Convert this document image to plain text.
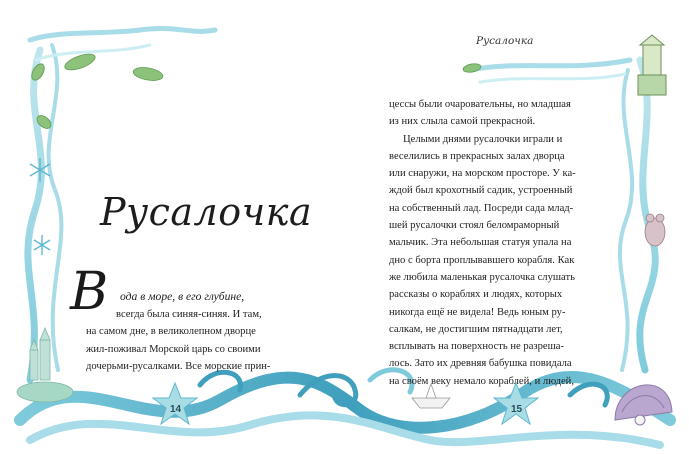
Русалочка
Русалочка
В	ода в море, в его глубине,
всегда была синяя-синяя. И там,
на самом дне, в великолепном дворце
жил-поживал Морской царь со своими
дочерьми-русалками. Все морские прин-
цессы были очаровательны, но младшая
из них слыла самой прекрасной.
Целыми днями русалочки играли и
веселились в прекрасных залах дворца
или снаружи, на морском просторе. У ка-
ждой был крохотный садик, устроенный
на собственный лад. Посреди сада млад-
шей русалочки стоял беломраморный
мальчик. Эта небольшая статуя упала на
дно с борта проплывавшего корабля. Как
же любила маленькая русалочка слушать
рассказы о кораблях и людях, которых
никогда ещё не видела! Ведь юным ру-
салкам, не достигшим пятнадцати лет,
всплывать на поверхность не разреша-
лось. Зато их древняя бабушка повидала
на своём веку немало кораблей, и людей,
14	15
